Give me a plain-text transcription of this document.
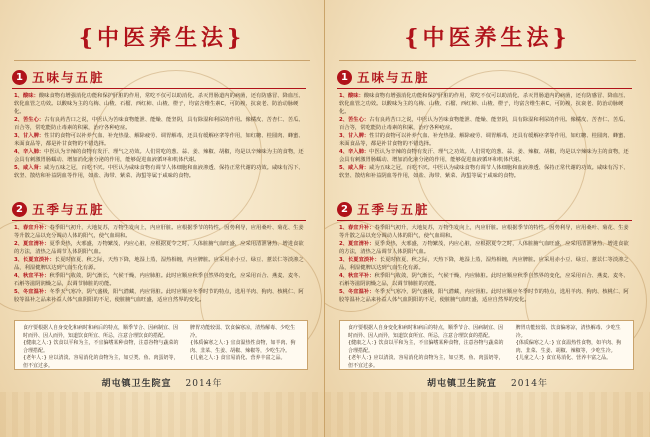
{中医养生法}
1 五味与五脏

1、酸味：酸味食物有增强消化功能和保护肝脏的作用，常吃不仅可以助消化、杀灭胃肠道内的病菌，还有防感冒、降血压、软化血管之功效。以酸味为主的乌梅、山楂、石榴、西红柿、山楂、橙子，均富含维生素C，可防癌、抗衰老、防治动脉硬化。

2、苦生心：古有良药苦口之说，中医认为苦味食物能泄、能燥、能坚阴，具有除湿和利尿的作用。像橘皮、苦杏仁、苦瓜、百合等，常吃能防止毒素的积累，治疗各种疮症。

3、甘入脾：性甘的食物可以补养气血、补充热量、解除疲劳、调胃解毒，还具有缓解痉挛等作用，如红糖、桂圆肉、蜂蜜、米面食品等，都是补甘食物的不错选择。

4、辛入肺：中医认为辛辣的食物有发汗、理气之功效。人们常吃的葱、蒜、姜、辣椒、胡椒，均是以辛辣味为主的食物，还会具有刺激胃肠蠕动、增加消化液分泌的作用，能够促进血液循环和机体代谢。

5、咸入肾：咸为五味之冠，百吃不厌。中医认为咸味食物有调节人体细胞和血液渗透、保持正常代谢的功效。咸味有泻下、软坚、散结和补益阴血等作用，如盐、海带、紫菜、海蜇等属于咸味的食物。

2 五季与五脏

1、春宜升补：春季阳气初升，大地复苏，万物生发向上，内应肝脏。应根据季节的特性，因势利导，应用桑叶、菊花、生姜等升散之品以充分调动人体的阳气，使气血调和。

2、夏宜清补：夏季炎热，火邪盛，万物繁茂，内应心脏，应根据夏令之时，人体脏腑气血旺盛，应采用清泄暑热、增进食欲的方法，清热之品调节人体阴阳气血。

3、长夏宜淡补：长夏时值夏、秋之际，天热下降，地湿上蒸，湿热相缠，内应脾脏。应采用赤小豆、绿豆、薏苡仁等淡渗之品，利湿健脾以达到气血生化有源。

4、秋宜平补：秋季阳气收敛，阴气渐长，气候干燥，内应肺脏。此时应顺应秋季自然界的变化，应采用百合、燕麦、麦冬、石斛等滋阴润燥之品，以调节肺脏的功能。

5、冬宜温补：冬季天气寒冷，阴气盛极，阳气潜藏，内应肾脏。此时应顺应冬季时节的特点，选用羊肉、狗肉、核桃仁、阿胶等温补之品来补益人体气血阴阳的不足，使脏腑气血旺盛，适应自然界的变化。

食疗要根据人自身变化和病时和病后的特点，顺季节合、因病制宜、因时而异、因人而异，知道饮食所宜、所忌，注意合理饮食的搭配。

{健康之人：} 饮食以平和为主，不宜偏嗜某种食物，注意谷物与蔬菜的合理搭配。

{老年人：} 应以清淡、容易消化的食物为主，如豆类、鱼、肉蛋奶等，但不宜过多。

脾胃功能较弱、饮食偏寒凉，清热解毒、少吃生冷。

{体质偏寒之人：} 宜食温热性食物，如羊肉、狗肉、韭菜、生姜、胡椒、辣椒等，少吃生冷。

{儿童之人：} 食宜易消化、营养丰富之品。

胡屯镇卫生院宣 2014年
{中医养生法}
1 五味与五脏

1、酸味：酸味食物有增强消化功能和保护肝脏的作用，常吃不仅可以助消化、杀灭胃肠道内的病菌，还有防感冒、降血压、软化血管之功效。以酸味为主的乌梅、山楂、石榴、西红柿、山楂、橙子，均富含维生素C，可防癌、抗衰老、防治动脉硬化。

2、苦生心：古有良药苦口之说，中医认为苦味食物能泄、能燥、能坚阴，具有除湿和利尿的作用。像橘皮、苦杏仁、苦瓜、百合等，常吃能防止毒素的积累，治疗各种疮症。

3、甘入脾：性甘的食物可以补养气血、补充热量、解除疲劳、调胃解毒，还具有缓解痉挛等作用，如红糖、桂圆肉、蜂蜜、米面食品等，都是补甘食物的不错选择。

4、辛入肺：中医认为辛辣的食物有发汗、理气之功效。人们常吃的葱、蒜、姜、辣椒、胡椒，均是以辛辣味为主的食物，还会具有刺激胃肠蠕动、增加消化液分泌的作用，能够促进血液循环和机体代谢。

5、咸入肾：咸为五味之冠，百吃不厌。中医认为咸味食物有调节人体细胞和血液渗透、保持正常代谢的功效。咸味有泻下、软坚、散结和补益阴血等作用，如盐、海带、紫菜、海蜇等属于咸味的食物。

2 五季与五脏

1、春宜升补：春季阳气初升，大地复苏，万物生发向上，内应肝脏。应根据季节的特性，因势利导，应用桑叶、菊花、生姜等升散之品以充分调动人体的阳气，使气血调和。

2、夏宜清补：夏季炎热，火邪盛，万物繁茂，内应心脏，应根据夏令之时，人体脏腑气血旺盛，应采用清泄暑热、增进食欲的方法，清热之品调节人体阴阳气血。

3、长夏宜淡补：长夏时值夏、秋之际，天热下降，地湿上蒸，湿热相缠，内应脾脏。应采用赤小豆、绿豆、薏苡仁等淡渗之品，利湿健脾以达到气血生化有源。

4、秋宜平补：秋季阳气收敛，阴气渐长，气候干燥，内应肺脏。此时应顺应秋季自然界的变化，应采用百合、燕麦、麦冬、石斛等滋阴润燥之品，以调节肺脏的功能。

5、冬宜温补：冬季天气寒冷，阴气盛极，阳气潜藏，内应肾脏。此时应顺应冬季时节的特点，选用羊肉、狗肉、核桃仁、阿胶等温补之品来补益人体气血阴阳的不足，使脏腑气血旺盛，适应自然界的变化。

食疗要根据人自身变化和病时和病后的特点，顺季节合、因病制宜、因时而异、因人而异，知道饮食所宜、所忌，注意合理饮食的搭配。

{健康之人：} 饮食以平和为主，不宜偏嗜某种食物，注意谷物与蔬菜的合理搭配。

{老年人：} 应以清淡、容易消化的食物为主，如豆类、鱼、肉蛋奶等，但不宜过多。

脾胃功能较弱、饮食偏寒凉，清热解毒、少吃生冷。

{体质偏寒之人：} 宜食温热性食物，如羊肉、狗肉、韭菜、生姜、胡椒、辣椒等，少吃生冷。

{儿童之人：} 食宜易消化、营养丰富之品。

胡屯镇卫生院宣 2014年
